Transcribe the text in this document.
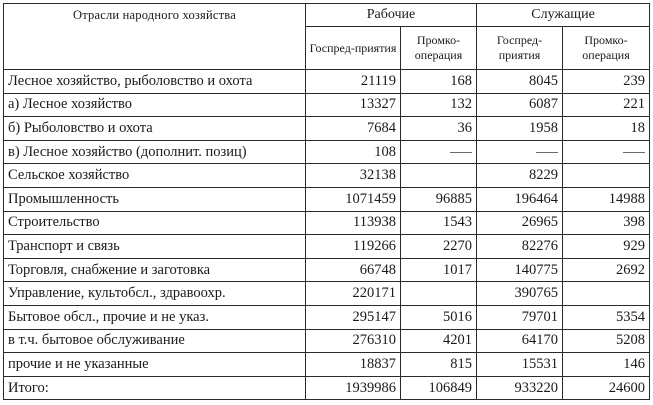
Отрасли народного хозяйства	Рабочие		Служащие	
	Госпред-приятия	Промко-операция	Госпред-приятия	Промко-операция
Лесное хозяйство, рыболовство и охота	21119	168	8045	239
а) Лесное хозяйство	13327	132	6087	221
б) Рыболовство и охота	7684	36	1958	18
в) Лесное хозяйство (дополнит. позиц)	108			
Сельское хозяйство	32138		8229	
Промышленность	1071459	96885	196464	14988
Строительство	113938	1543	26965	398
Транспорт и связь	119266	2270	82276	929
Торговля, снабжение и заготовка	66748	1017	140775	2692
Управление, культобсл., здравоохр.	220171		390765	
Бытовое обсл., прочие и не указ.	295147	5016	79701	5354
в т.ч. бытовое обслуживание	276310	4201	64170	5208
прочие и не указанные	18837	815	15531	146
Итого:	1939986	106849	933220	24600
